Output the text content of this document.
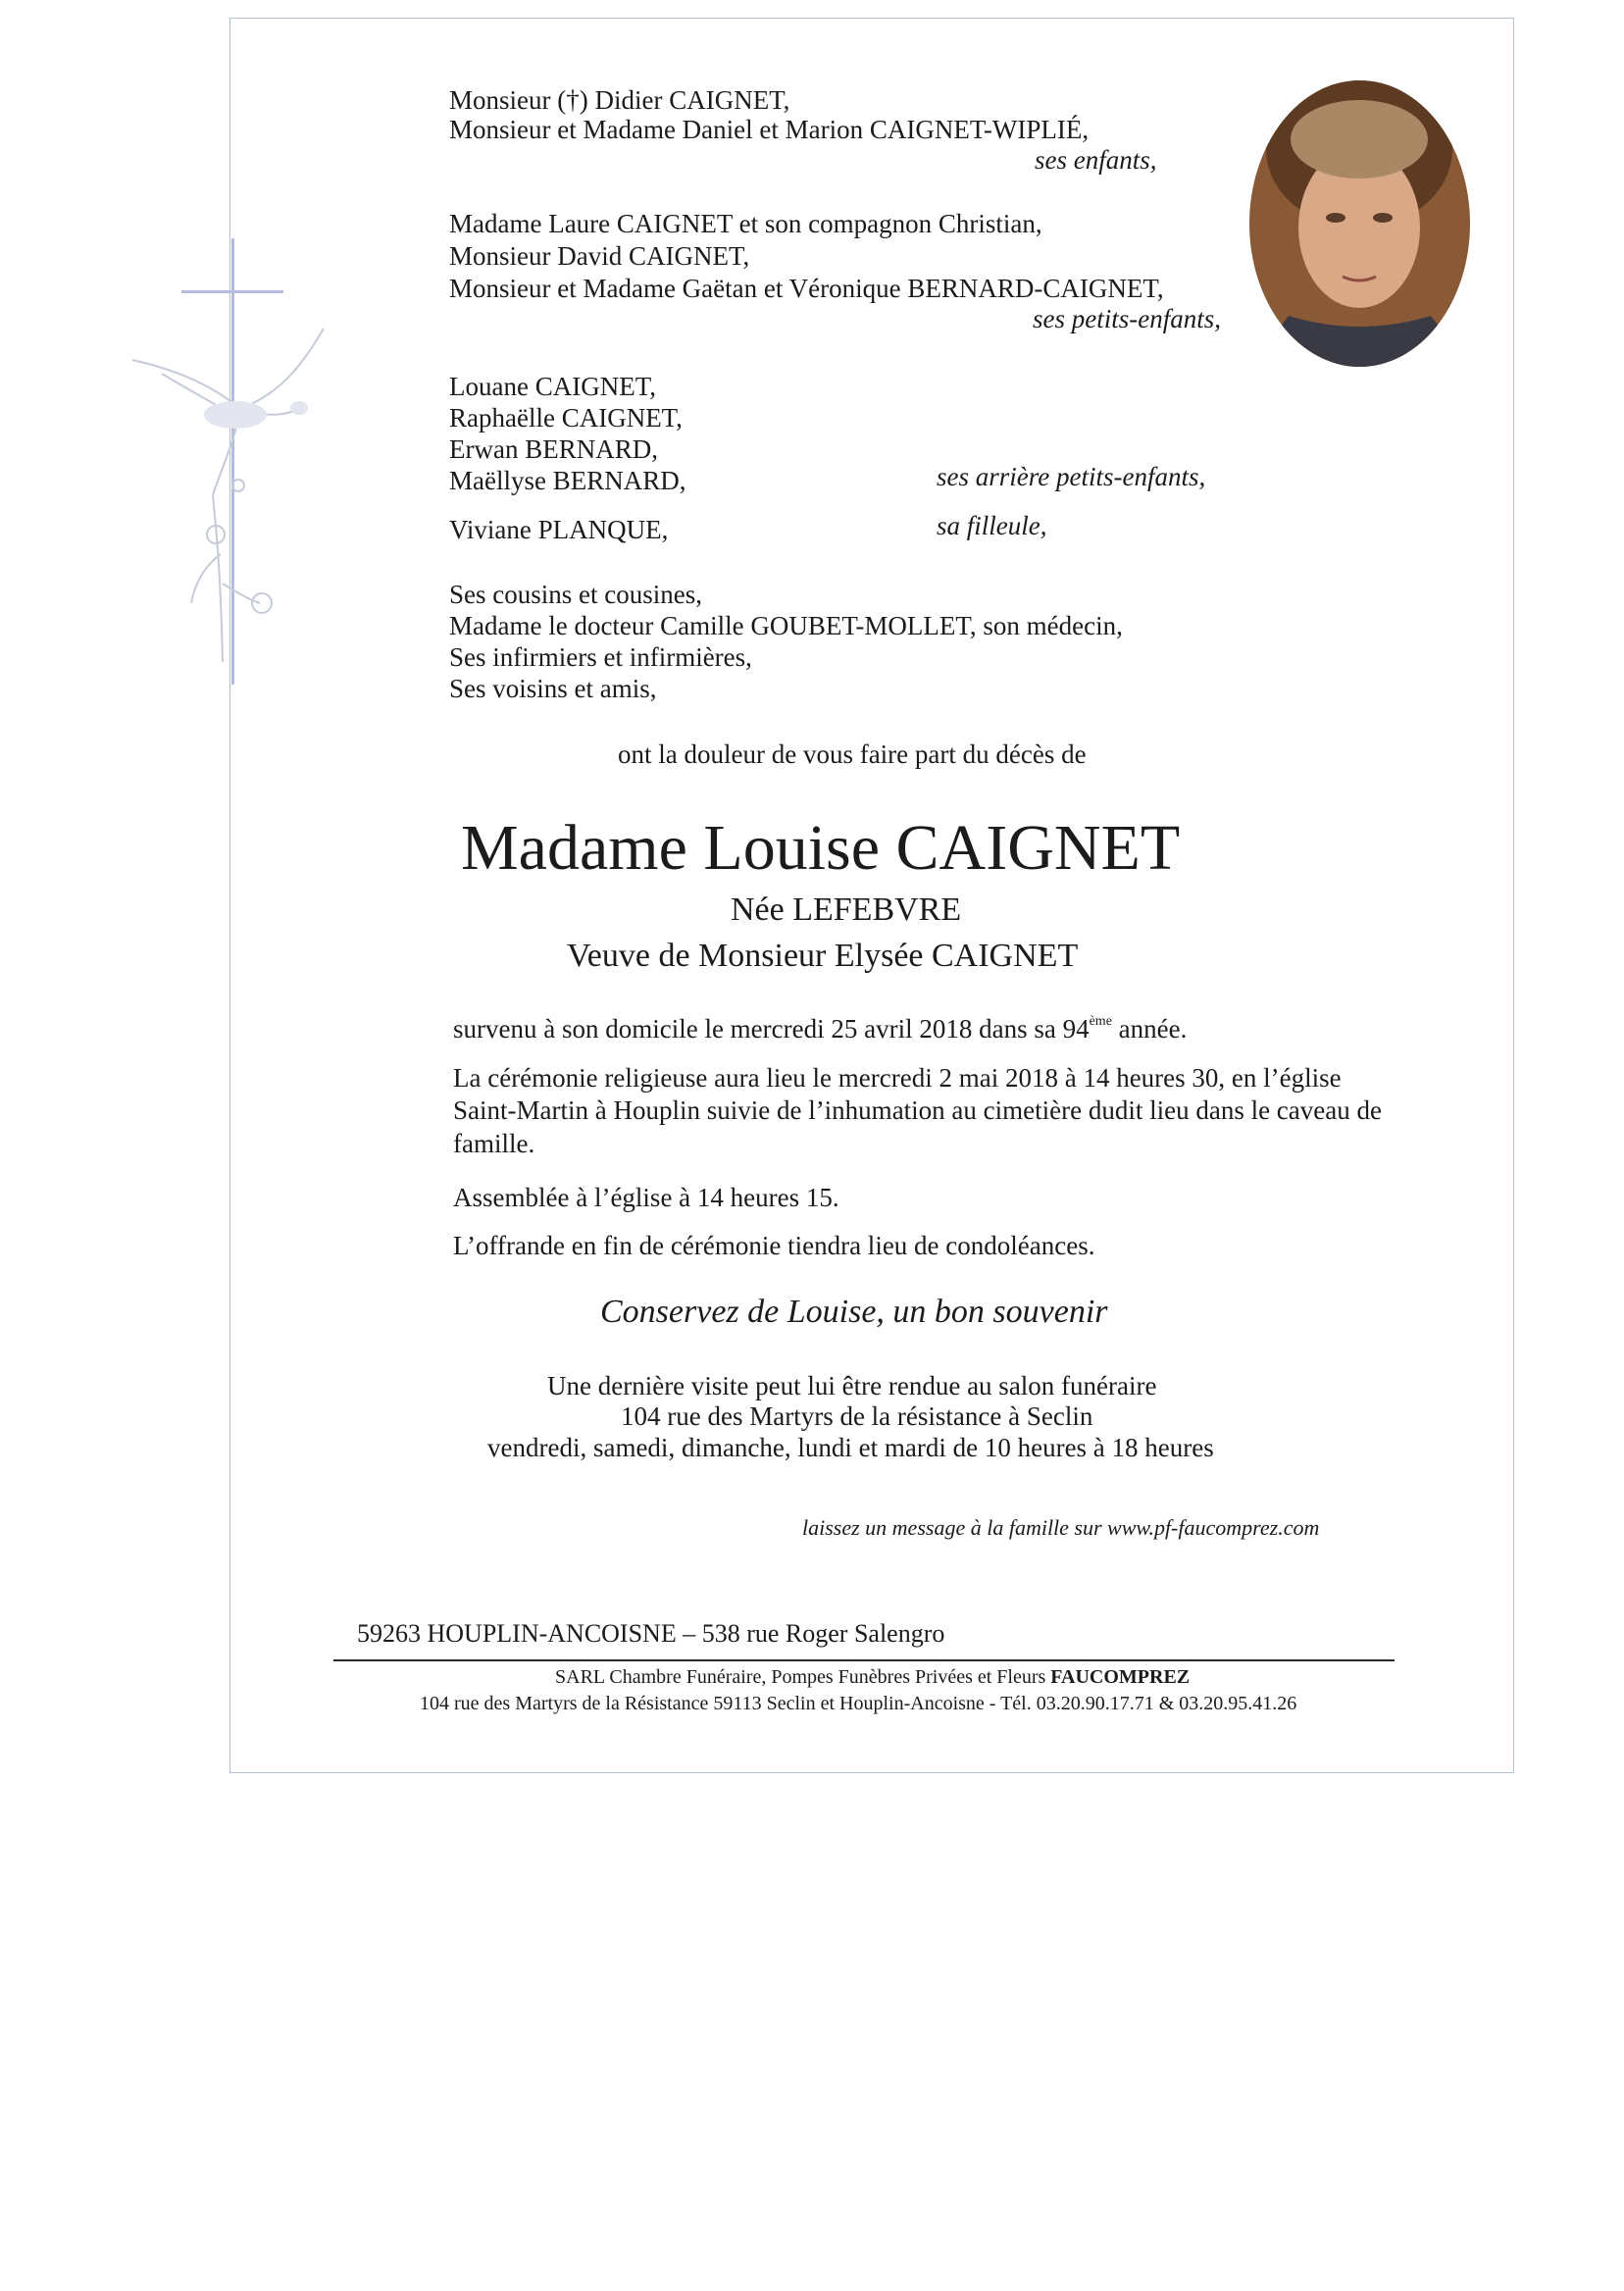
Monsieur (†) Didier CAIGNET,
Monsieur et Madame Daniel et Marion CAIGNET-WIPLIÉ,
ses enfants,
Madame Laure CAIGNET et son compagnon Christian,
Monsieur David CAIGNET,
Monsieur et Madame Gaëtan et Véronique BERNARD-CAIGNET,
ses petits-enfants,
Louane CAIGNET,
Raphaëlle CAIGNET,
Erwan BERNARD,
Maëllyse BERNARD,	ses arrière petits-enfants,
Viviane PLANQUE,	sa filleule,
Ses cousins et cousines,
Madame le docteur Camille GOUBET-MOLLET, son médecin,
Ses infirmiers et infirmières,
Ses voisins et amis,
ont la douleur de vous faire part du décès de
Madame Louise CAIGNET
Née LEFEBVRE
Veuve de Monsieur Elysée CAIGNET
survenu à son domicile le mercredi 25 avril 2018 dans sa 94ème année.
La cérémonie religieuse aura lieu le mercredi 2 mai 2018 à 14 heures 30, en l’église
Saint-Martin à Houplin suivie de l’inhumation au cimetière dudit lieu dans le caveau de
famille.
Assemblée à l’église à 14 heures 15.
L’offrande en fin de cérémonie tiendra lieu de condoléances.
Conservez de Louise, un bon souvenir
Une dernière visite peut lui être rendue au salon funéraire
104 rue des Martyrs de la résistance à Seclin
vendredi, samedi, dimanche, lundi et mardi de 10 heures à 18 heures
laissez un message à la famille sur www.pf-faucomprez.com
59263 HOUPLIN-ANCOISNE – 538 rue Roger Salengro
SARL Chambre Funéraire, Pompes Funèbres Privées et Fleurs FAUCOMPREZ
104 rue des Martyrs de la Résistance 59113 Seclin et Houplin-Ancoisne - Tél. 03.20.90.17.71 & 03.20.95.41.26
